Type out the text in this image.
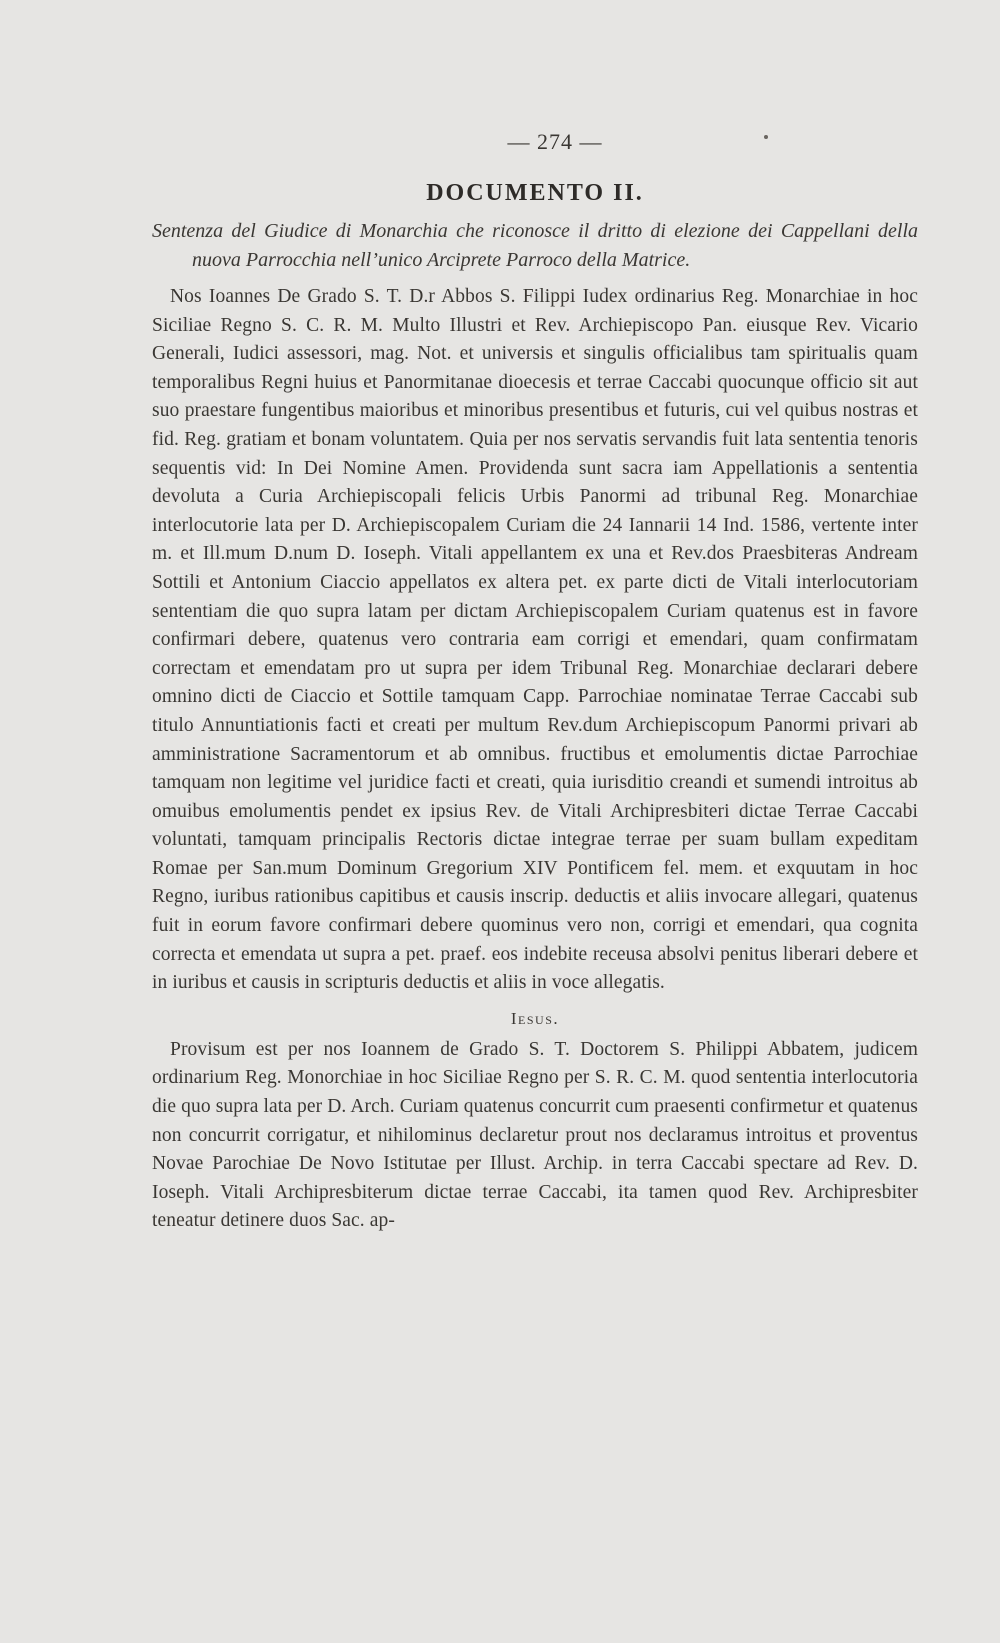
— 274 —
DOCUMENTO II.
Sentenza del Giudice di Monarchia che riconosce il dritto di elezione dei Cappellani della nuova Parrocchia nell’unico Arciprete Parroco della Matrice.

Nos Ioannes De Grado S. T. D.r Abbos S. Filippi Iudex ordinarius Reg. Monarchiae in hoc Siciliae Regno S. C. R. M. Multo Illustri et Rev. Archiepiscopo Pan. eiusque Rev. Vicario Generali, Iudici assessori, mag. Not. et universis et singulis officialibus tam spiritualis quam temporalibus Regni huius et Panormitanae dioecesis et terrae Caccabi quocunque officio sit aut suo praestare fungentibus maioribus et minoribus presentibus et futuris, cui vel quibus nostras et fid. Reg. gratiam et bonam voluntatem. Quia per nos servatis servandis fuit lata sententia tenoris sequentis vid: In Dei Nomine Amen. Providenda sunt sacra iam Appellationis a sententia devoluta a Curia Archiepiscopali felicis Urbis Panormi ad tribunal Reg. Monarchiae interlocutorie lata per D. Archiepiscopalem Curiam die 24 Iannarii 14 Ind. 1586, vertente inter m. et Ill.mum D.num D. Ioseph. Vitali appellantem ex una et Rev.dos Praesbiteras Andream Sottili et Antonium Ciaccio appellatos ex altera pet. ex parte dicti de Vitali interlocutoriam sententiam die quo supra latam per dictam Archiepiscopalem Curiam quatenus est in favore confirmari debere, quatenus vero contraria eam corrigi et emendari, quam confirmatam correctam et emendatam pro ut supra per idem Tribunal Reg. Monarchiae declarari debere omnino dicti de Ciaccio et Sottile tamquam Capp. Parrochiae nominatae Terrae Caccabi sub titulo Annuntiationis facti et creati per multum Rev.dum Archiepiscopum Panormi privari ab amministratione Sacramentorum et ab omnibus. fructibus et emolumentis dictae Parrochiae tamquam non legitime vel juridice facti et creati, quia iurisditio creandi et sumendi introitus ab omuibus emolumentis pendet ex ipsius Rev. de Vitali Archipresbiteri dictae Terrae Caccabi voluntati, tamquam principalis Rectoris dictae integrae terrae per suam bullam expeditam Romae per San.mum Dominum Gregorium XIV Pontificem fel. mem. et exquutam in hoc Regno, iuribus rationibus capitibus et causis inscrip. deductis et aliis invocare allegari, quatenus fuit in eorum favore confirmari debere quominus vero non, corrigi et emendari, qua cognita correcta et emendata ut supra a pet. praef. eos indebite receusa absolvi penitus liberari debere et in iuribus et causis in scripturis deductis et aliis in voce allegatis.

Iesus.

Provisum est per nos Ioannem de Grado S. T. Doctorem S. Philippi Abbatem, judicem ordinarium Reg. Monorchiae in hoc Siciliae Regno per S. R. C. M. quod sententia interlocutoria die quo supra lata per D. Arch. Curiam quatenus concurrit cum praesenti confirmetur et quatenus non concurrit corrigatur, et nihilominus declaretur prout nos declaramus introitus et proventus Novae Parochiae De Novo Istitutae per Illust. Archip. in terra Caccabi spectare ad Rev. D. Ioseph. Vitali Archipresbiterum dictae terrae Caccabi, ita tamen quod Rev. Archipresbiter teneatur detinere duos Sac. ap-
